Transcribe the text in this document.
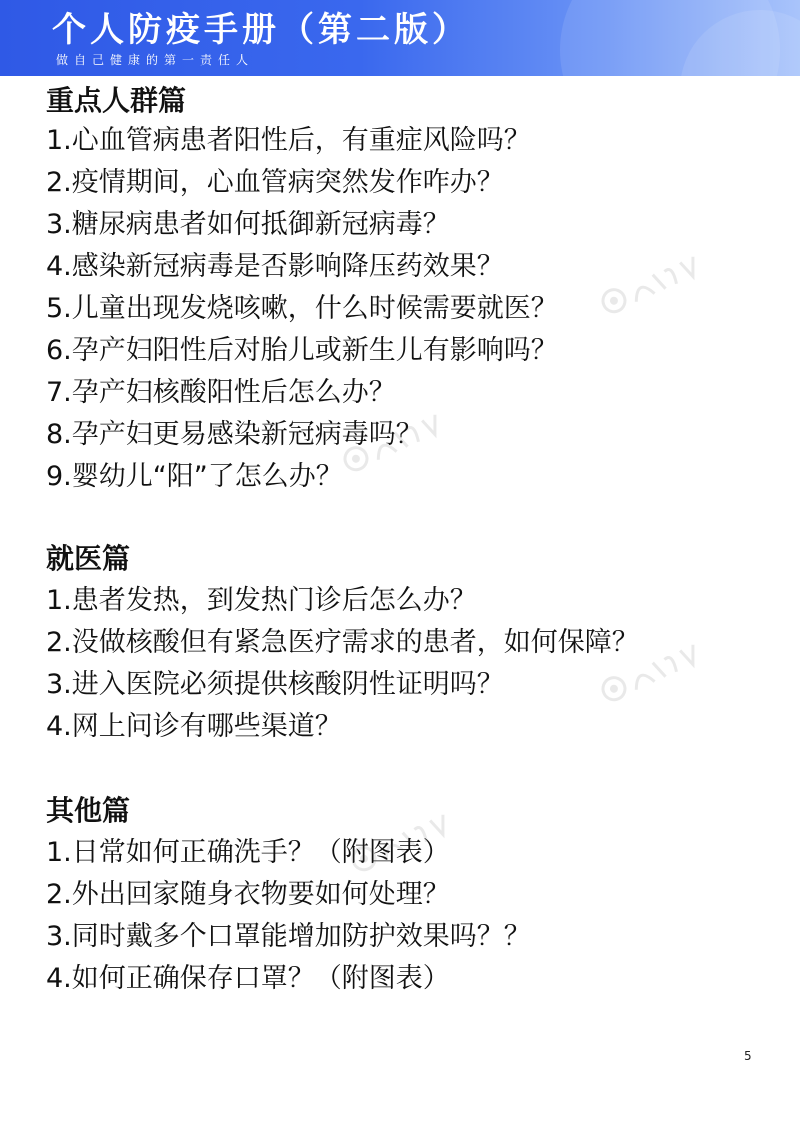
个人防疫手册（第二版）
做自己健康的第一责任人
重点人群篇
1.心血管病患者阳性后，有重症风险吗？
2.疫情期间，心血管病突然发作咋办？
3.糖尿病患者如何抵御新冠病毒？
4.感染新冠病毒是否影响降压药效果？
5.儿童出现发烧咳嗽，什么时候需要就医？
6.孕产妇阳性后对胎儿或新生儿有影响吗？
7.孕产妇核酸阳性后怎么办？
8.孕产妇更易感染新冠病毒吗？
9.婴幼儿“阳”了怎么办？
就医篇
1.患者发热，到发热门诊后怎么办？
2.没做核酸但有紧急医疗需求的患者，如何保障？
3.进入医院必须提供核酸阴性证明吗？
4.网上问诊有哪些渠道？
其他篇
1.日常如何正确洗手？（附图表）
2.外出回家随身衣物要如何处理？
3.同时戴多个口罩能增加防护效果吗？？
4.如何正确保存口罩？（附图表）
5
